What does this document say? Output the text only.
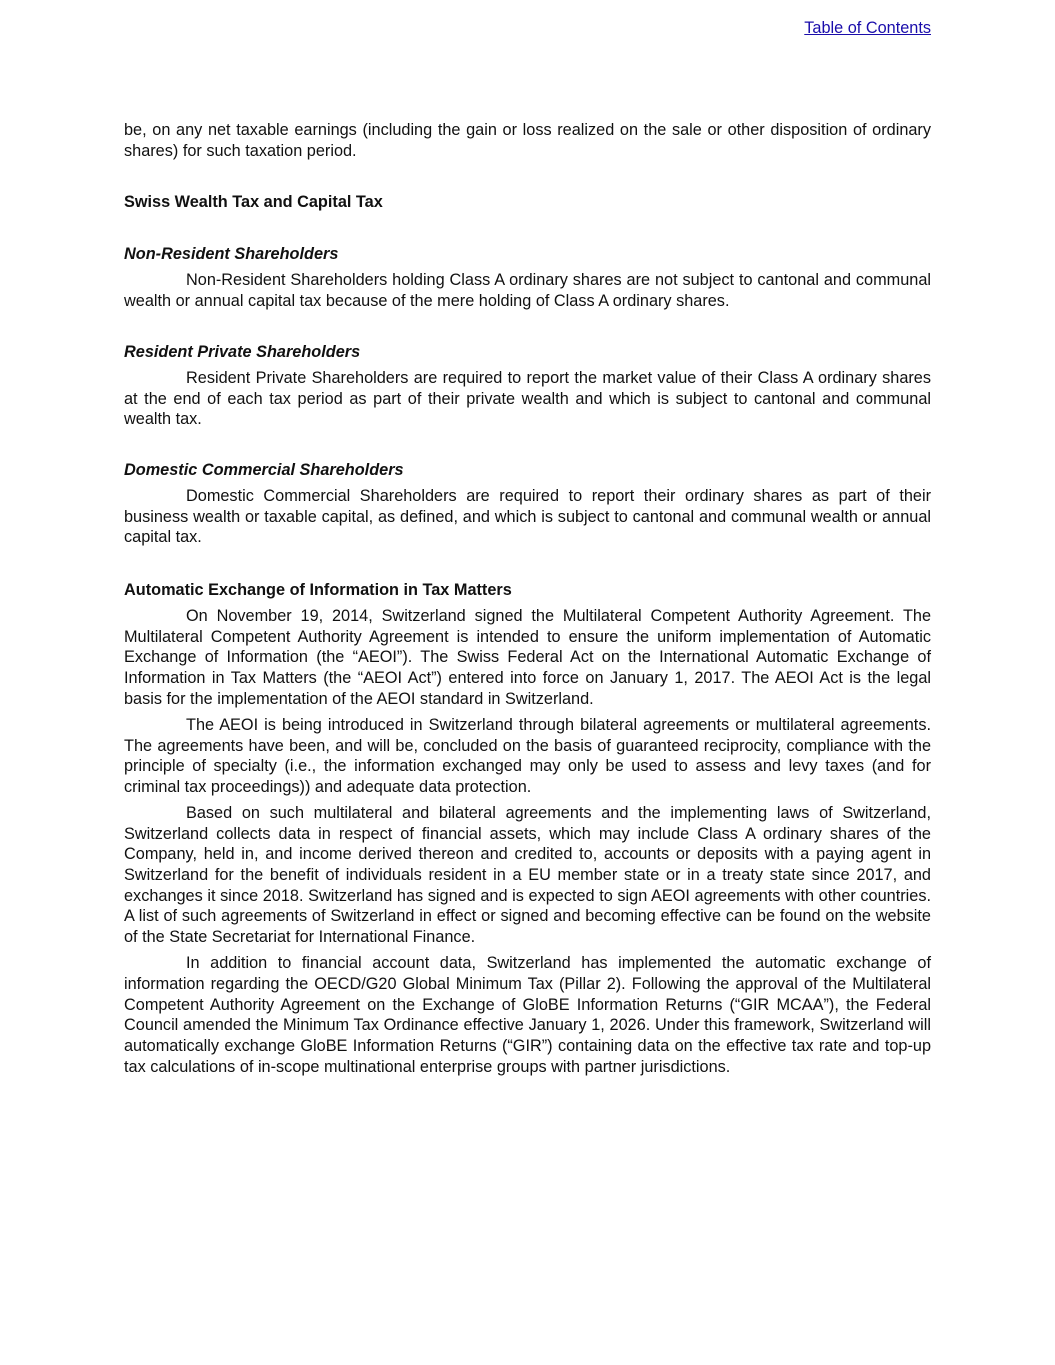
Table of Contents

be, on any net taxable earnings (including the gain or loss realized on the sale or other disposition of ordinary shares) for such taxation period.

Swiss Wealth Tax and Capital Tax

Non-Resident Shareholders

Non-Resident Shareholders holding Class A ordinary shares are not subject to cantonal and communal wealth or annual capital tax because of the mere holding of Class A ordinary shares.

Resident Private Shareholders

Resident Private Shareholders are required to report the market value of their Class A ordinary shares at the end of each tax period as part of their private wealth and which is subject to cantonal and communal wealth tax.

Domestic Commercial Shareholders

Domestic Commercial Shareholders are required to report their ordinary shares as part of their business wealth or taxable capital, as defined, and which is subject to cantonal and communal wealth or annual capital tax.

Automatic Exchange of Information in Tax Matters

On November 19, 2014, Switzerland signed the Multilateral Competent Authority Agreement. The Multilateral Competent Authority Agreement is intended to ensure the uniform implementation of Automatic Exchange of Information (the “AEOI”). The Swiss Federal Act on the International Automatic Exchange of Information in Tax Matters (the “AEOI Act”) entered into force on January 1, 2017. The AEOI Act is the legal basis for the implementation of the AEOI standard in Switzerland.

The AEOI is being introduced in Switzerland through bilateral agreements or multilateral agreements. The agreements have been, and will be, concluded on the basis of guaranteed reciprocity, compliance with the principle of specialty (i.e., the information exchanged may only be used to assess and levy taxes (and for criminal tax proceedings)) and adequate data protection.

Based on such multilateral and bilateral agreements and the implementing laws of Switzerland, Switzerland collects data in respect of financial assets, which may include Class A ordinary shares of the Company, held in, and income derived thereon and credited to, accounts or deposits with a paying agent in Switzerland for the benefit of individuals resident in a EU member state or in a treaty state since 2017, and exchanges it since 2018. Switzerland has signed and is expected to sign AEOI agreements with other countries. A list of such agreements of Switzerland in effect or signed and becoming effective can be found on the website of the State Secretariat for International Finance.

In addition to financial account data, Switzerland has implemented the automatic exchange of information regarding the OECD/G20 Global Minimum Tax (Pillar 2). Following the approval of the Multilateral Competent Authority Agreement on the Exchange of GloBE Information Returns (“GIR MCAA”), the Federal Council amended the Minimum Tax Ordinance effective January 1, 2026. Under this framework, Switzerland will automatically exchange GloBE Information Returns (“GIR”) containing data on the effective tax rate and top-up tax calculations of in-scope multinational enterprise groups with partner jurisdictions.
